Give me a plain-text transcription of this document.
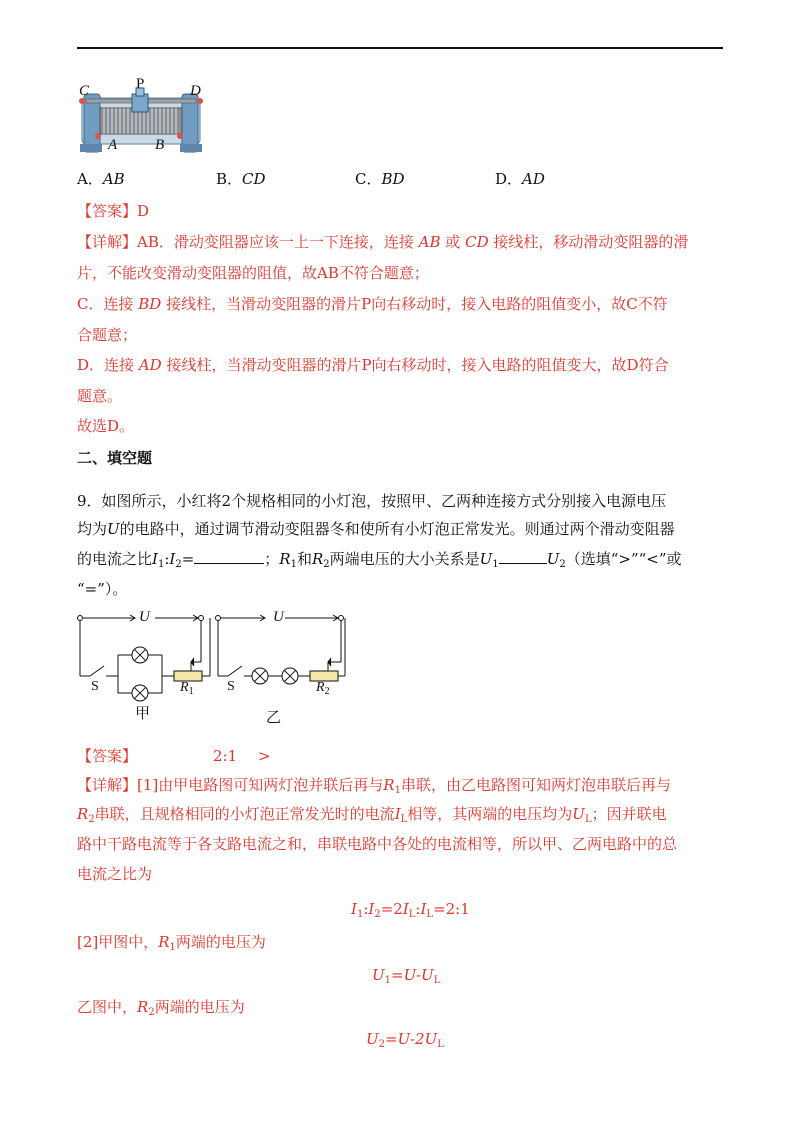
C	P	D
A	B
A．AB	B．CD	C．BD	D．AD
【答案】D
【详解】AB．滑动变阻器应该一上一下连接，连接 AB 或 CD 接线柱，移动滑动变阻器的滑
片，不能改变滑动变阻器的阻值，故AB不符合题意；
C．连接 BD 接线柱，当滑动变阻器的滑片P向右移动时，接入电路的阻值变小，故C不符
合题意；
D．连接 AD 接线柱，当滑动变阻器的滑片P向右移动时，接入电路的阻值变大，故D符合
题意。
故选D。
二、填空题
9．如图所示，小红将2个规格相同的小灯泡，按照甲、乙两种连接方式分别接入电源电压
均为U的电路中，通过调节滑动变阻器冬和使所有小灯泡正常发光。则通过两个滑动变阻器
的电流之比$I_1:I_2=$	；$R_1$和$R_2$两端电压的大小关系是$U_1$	$U_2$（选填“>”“<”或
“=”）。
U	U
S	S
$R_1$	$R_2$
甲	乙
【答案】	2:1 >
【详解】[1]由甲电路图可知两灯泡并联后再与$R_1$串联，由乙电路图可知两灯泡串联后再与
$R_2$串联，且规格相同的小灯泡正常发光时的电流$I_L$相等，其两端的电压均为$U_L$；因并联电
路中干路电流等于各支路电流之和，串联电路中各处的电流相等，所以甲、乙两电路中的总
电流之比为
$I_1:I_2=2I_L:I_L=2:1$
[2]甲图中，$R_1$两端的电压为
$U_1=U-U_L$
乙图中，$R_2$两端的电压为
$U_2=U-2U_L$
